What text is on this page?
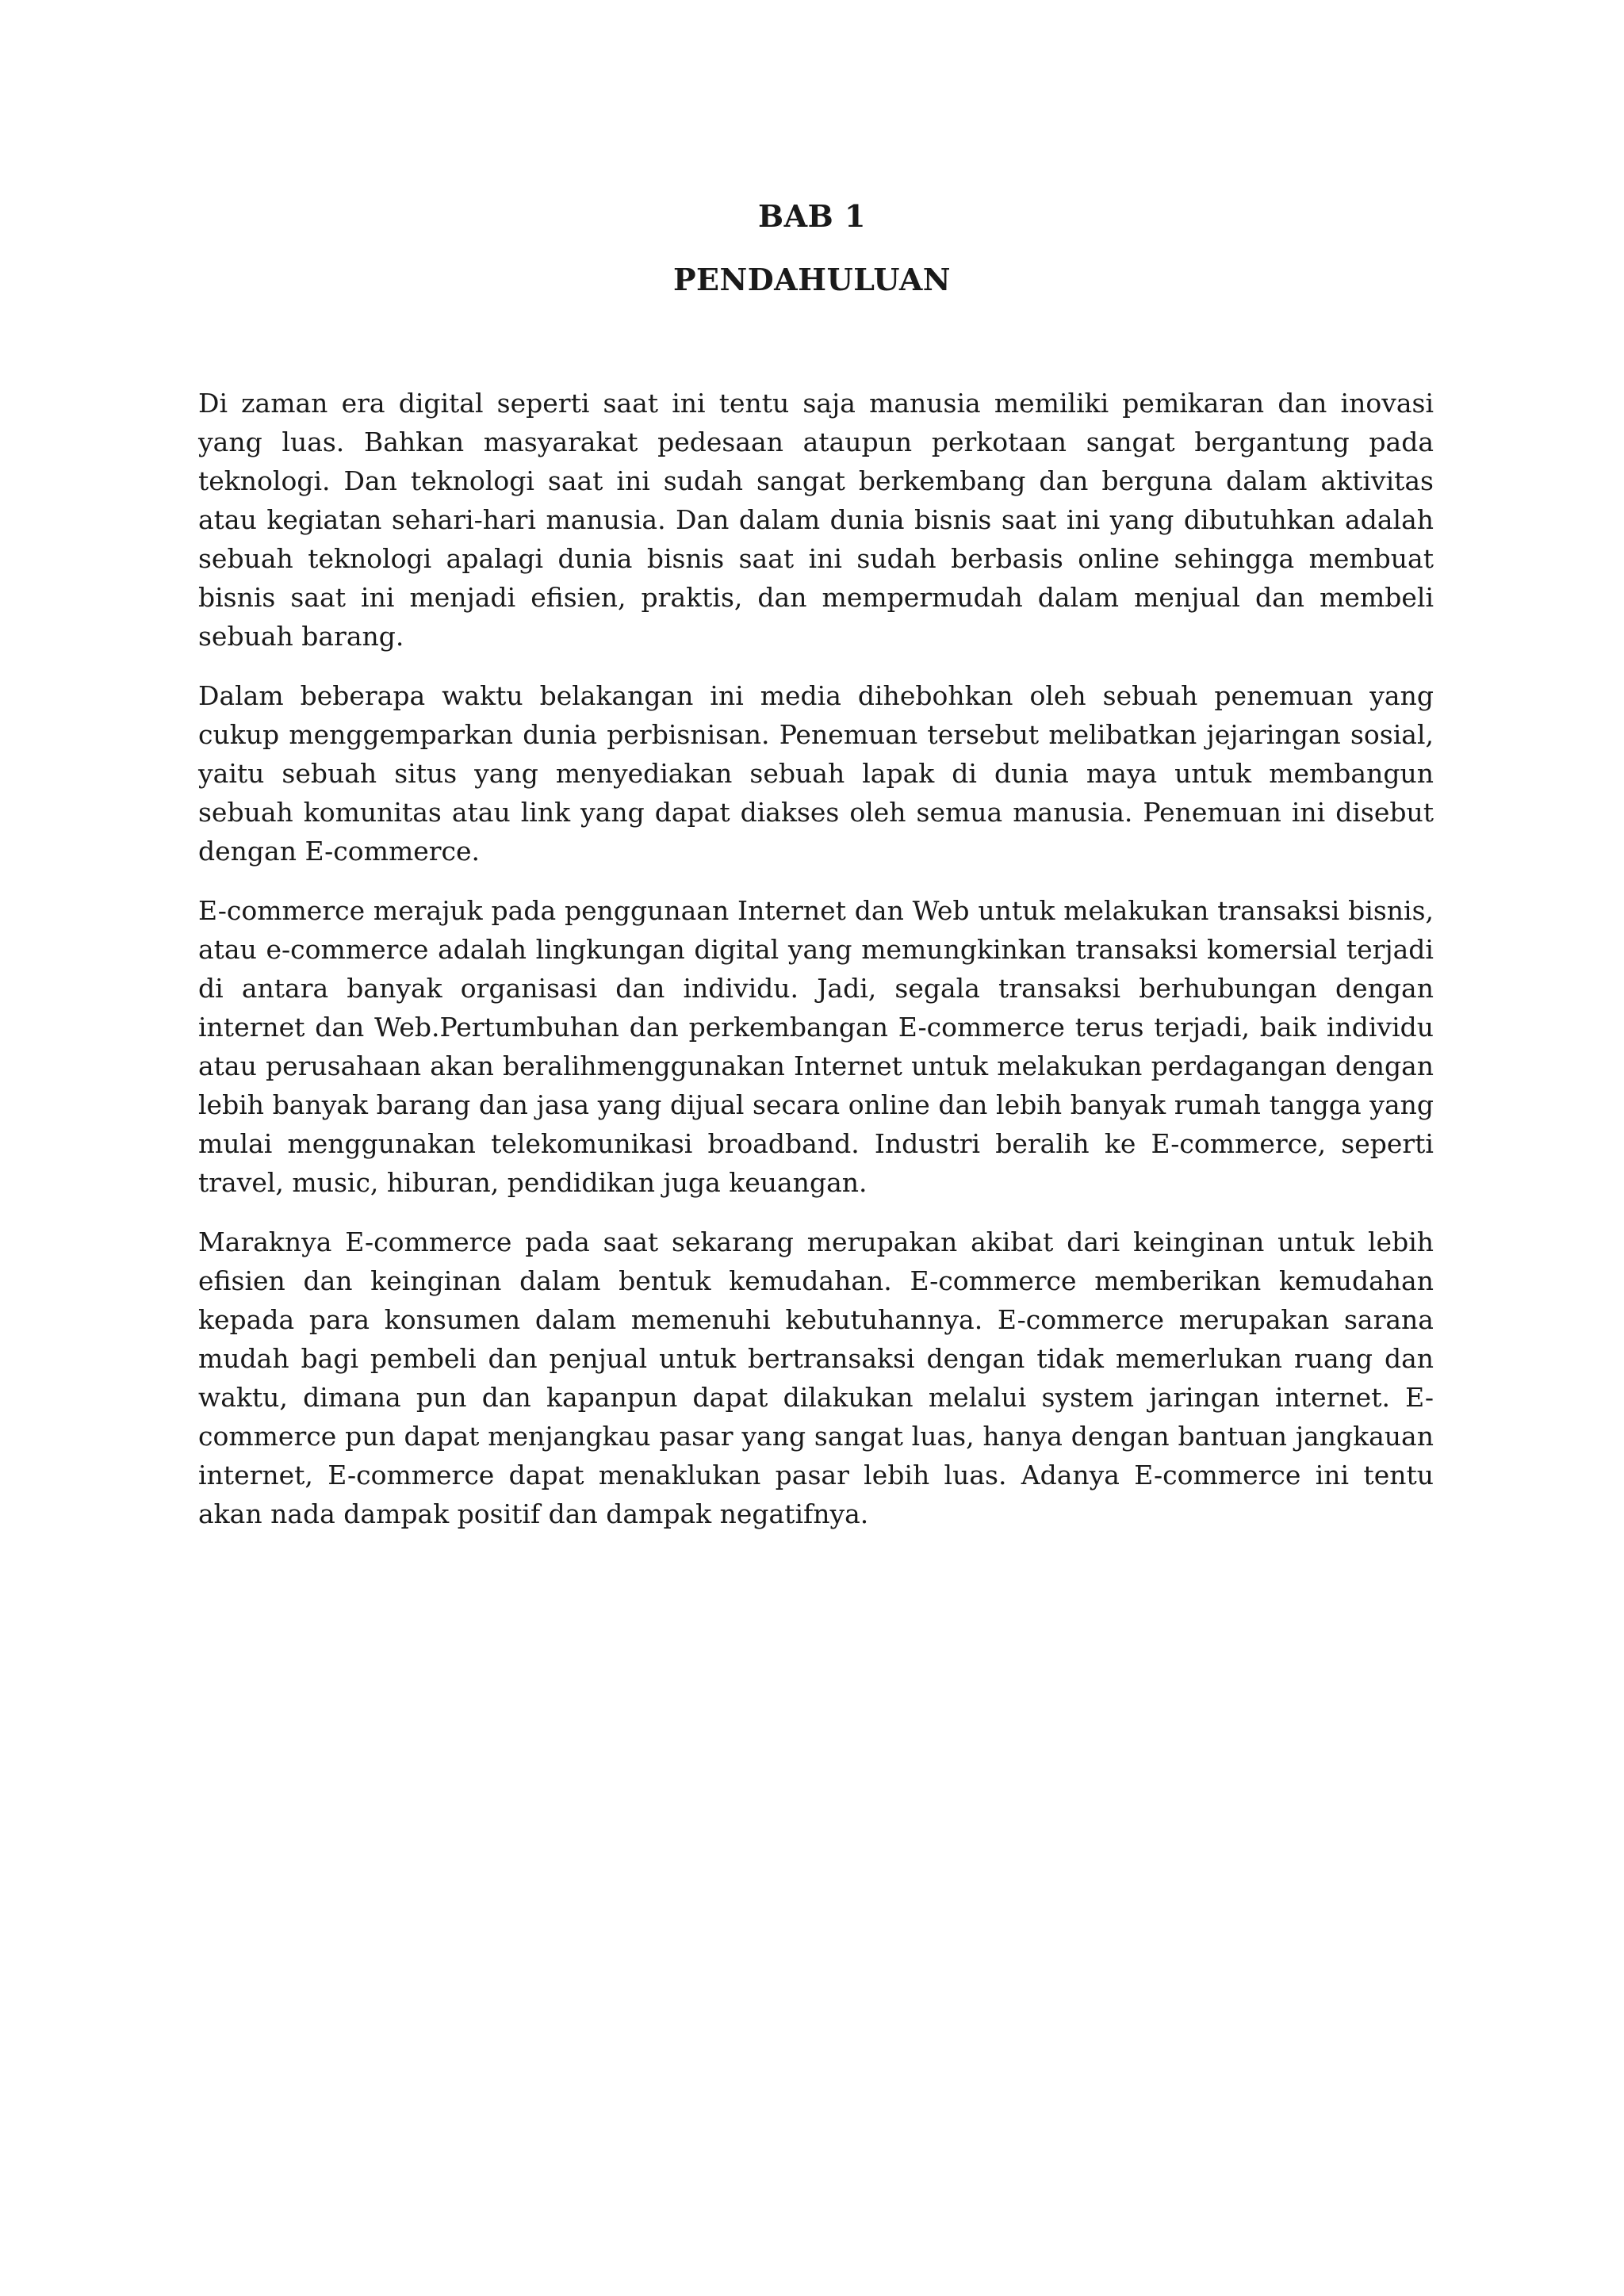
BAB 1
PENDAHULUAN

Di zaman era digital seperti saat ini tentu saja manusia memiliki pemikaran dan inovasi yang luas. Bahkan masyarakat pedesaan ataupun perkotaan sangat bergantung pada teknologi. Dan teknologi saat ini sudah sangat berkembang dan berguna dalam aktivitas atau kegiatan sehari-hari manusia. Dan dalam dunia bisnis saat ini yang dibutuhkan adalah sebuah teknologi apalagi dunia bisnis saat ini sudah berbasis online sehingga membuat bisnis saat ini menjadi efisien, praktis, dan mempermudah dalam menjual dan membeli sebuah barang.

Dalam beberapa waktu belakangan ini media dihebohkan oleh sebuah penemuan yang cukup menggemparkan dunia perbisnisan. Penemuan tersebut melibatkan jejaringan sosial, yaitu sebuah situs yang menyediakan sebuah lapak di dunia maya untuk membangun sebuah komunitas atau link yang dapat diakses oleh semua manusia. Penemuan ini disebut dengan E-commerce.

E-commerce merajuk pada penggunaan Internet dan Web untuk melakukan transaksi bisnis, atau e-commerce adalah lingkungan digital yang memungkinkan transaksi komersial terjadi di antara banyak organisasi dan individu. Jadi, segala transaksi berhubungan dengan internet dan Web.Pertumbuhan dan perkembangan E-commerce terus terjadi, baik individu atau perusahaan akan beralihmenggunakan Internet untuk melakukan perdagangan dengan lebih banyak barang dan jasa yang dijual secara online dan lebih banyak rumah tangga yang mulai menggunakan telekomunikasi broadband. Industri beralih ke E-commerce, seperti travel, music, hiburan, pendidikan juga keuangan.

Maraknya E-commerce pada saat sekarang merupakan akibat dari keinginan untuk lebih efisien dan keinginan dalam bentuk kemudahan. E-commerce memberikan kemudahan kepada para konsumen dalam memenuhi kebutuhannya. E-commerce merupakan sarana mudah bagi pembeli dan penjual untuk bertransaksi dengan tidak memerlukan ruang dan waktu, dimana pun dan kapanpun dapat dilakukan melalui system jaringan internet. E-commerce pun dapat menjangkau pasar yang sangat luas, hanya dengan bantuan jangkauan internet, E-commerce dapat menaklukan pasar lebih luas. Adanya E-commerce ini tentu akan nada dampak positif dan dampak negatifnya.
